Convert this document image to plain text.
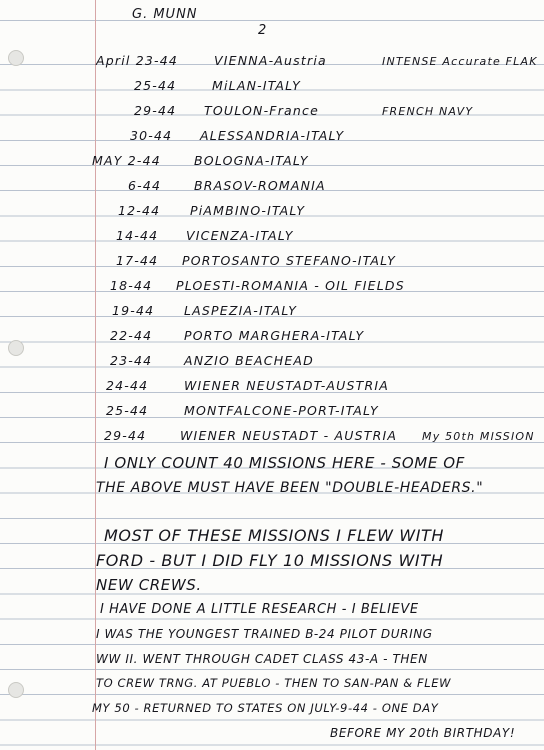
G. MUNN
2
April 23-44	VIENNA-Austria	INTENSE Accurate FLAK
25-44	MiLAN-ITALY
29-44 TOULON-France	FRENCH NAVY
30-44 ALESSANDRIA-ITALY
MAY 2-44	BOLOGNA-ITALY
6-44	BRASOV-ROMANIA
12-44 PiAMBINO-ITALY
14-44 VICENZA-ITALY
17-44 PORTOSANTO STEFANO-ITALY
18-44 PLOESTI-ROMANIA - OIL FIELDS
19-44 LASPEZIA-ITALY
22-44	PORTO MARGHERA-ITALY
23-44	ANZIO BEACHEAD
24-44	WIENER NEUSTADT-AUSTRIA
25-44	MONTFALCONE-PORT-ITALY
29-44	WIENER NEUSTADT - AUSTRIA My 50th MISSION
I ONLY COUNT 40 MISSIONS HERE - SOME OF
THE ABOVE MUST HAVE BEEN "DOUBLE-HEADERS."
MOST OF THESE MISSIONS I FLEW WITH
FORD - BUT I DID FLY 10 MISSIONS WITH
NEW CREWS.
I HAVE DONE A LITTLE RESEARCH - I BELIEVE
I WAS THE YOUNGEST TRAINED B-24 PILOT DURING
WW II. WENT THROUGH CADET CLASS 43-A - THEN
TO CREW TRNG. AT PUEBLO - THEN TO SAN-PAN & FLEW
MY 50 - RETURNED TO STATES ON JULY-9-44 - ONE DAY
BEFORE MY 20th BIRTHDAY!
